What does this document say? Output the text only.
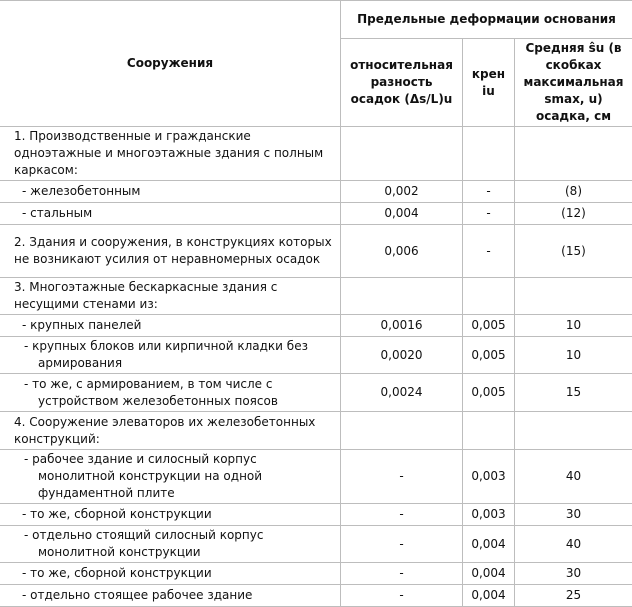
Сооружения	Предельные деформации основания		
	относительная разность осадок (Δs/L)u	крен iu	Средняя ŝu (в скобках максимальная smax, u) осадка, см
1. Производственные и гражданские одноэтажные и многоэтажные здания с полным каркасом:			
- железобетонным	0,002	-	(8)
- стальным	0,004	-	(12)
2. Здания и сооружения, в конструкциях которых не возникают усилия от неравномерных осадок	0,006	-	(15)
3. Многоэтажные бескаркасные здания с несущими стенами из:			
- крупных панелей	0,0016	0,005	10
- крупных блоков или кирпичной кладки без армирования	0,0020	0,005	10
- то же, с армированием, в том числе с устройством железобетонных поясов	0,0024	0,005	15
4. Сооружение элеваторов их железобетонных конструкций:			
- рабочее здание и силосный корпус монолитной конструкции на одной фундаментной плите	-	0,003	40
- то же, сборной конструкции	-	0,003	30
- отдельно стоящий силосный корпус монолитной конструкции	-	0,004	40
- то же, сборной конструкции	-	0,004	30
- отдельно стоящее рабочее здание	-	0,004	25
